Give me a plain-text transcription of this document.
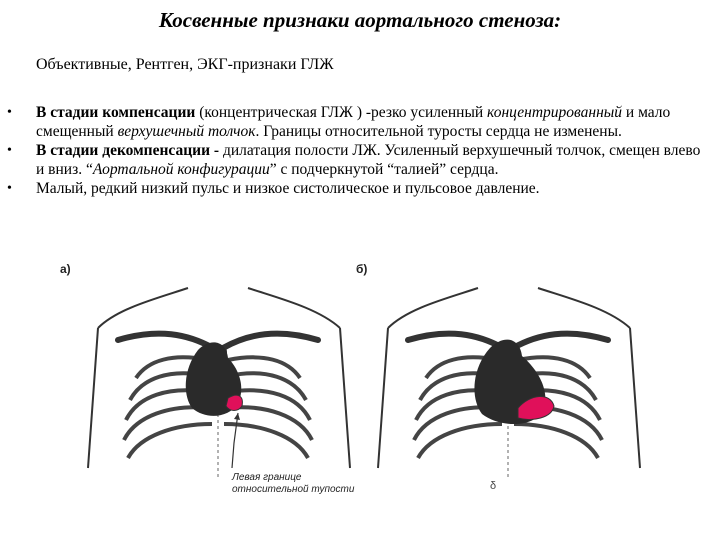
Косвенные признаки аортального стеноза:
Объективные, Рентген, ЭКГ-признаки ГЛЖ
• В стадии компенсации (концентрическая ГЛЖ ) -резко усиленный концентрированный и мало смещенный верхушечный толчок. Границы относительной туросты сердца не изменены.
• В стадии декомпенсации - дилатация полости ЛЖ. Усиленный верхушечный толчок, смещен влево и вниз. “Аортальной конфигурации” с подчеркнутой “талией” сердца.
• Малый, редкий низкий пульс и низкое систолическое и пульсовое давление.
а)
Левая границе
относительной тупости
б)
δ
